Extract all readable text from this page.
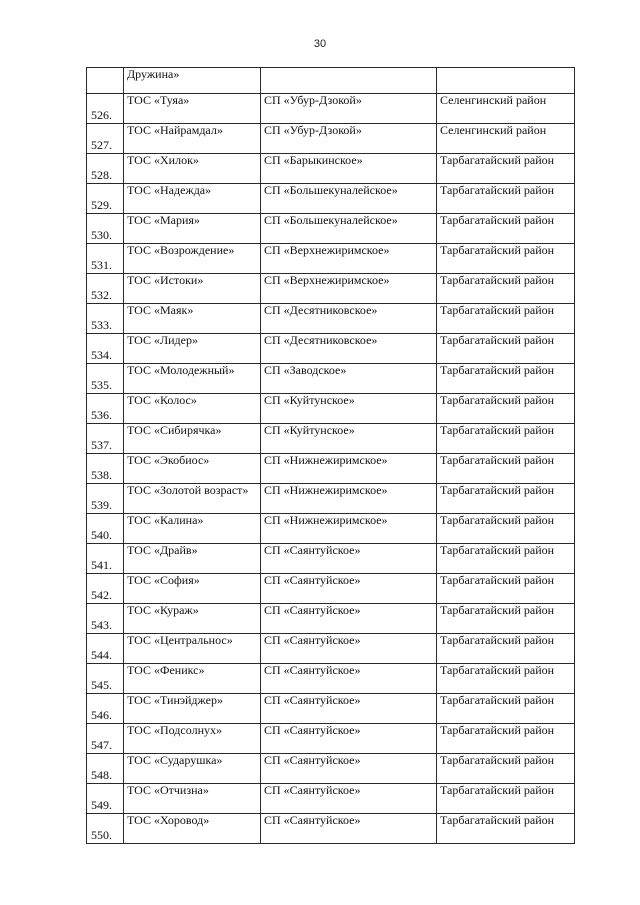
30
	Дружина»		
526.	ТОС «Туяа»	СП «Убур-Дзокой»	Селенгинский район
527.	ТОС «Найрамдал»	СП «Убур-Дзокой»	Селенгинский район
528.	ТОС «Хилок»	СП «Барыкинское»	Тарбагатайский район
529.	ТОС «Надежда»	СП «Большекуналейское»	Тарбагатайский район
530.	ТОС «Мария»	СП «Большекуналейское»	Тарбагатайский район
531.	ТОС «Возрождение»	СП «Верхнежиримское»	Тарбагатайский район
532.	ТОС «Истоки»	СП «Верхнежиримское»	Тарбагатайский район
533.	ТОС «Маяк»	СП «Десятниковское»	Тарбагатайский район
534.	ТОС «Лидер»	СП «Десятниковское»	Тарбагатайский район
535.	ТОС «Молодежный»	СП «Заводское»	Тарбагатайский район
536.	ТОС «Колос»	СП «Куйтунское»	Тарбагатайский район
537.	ТОС «Сибирячка»	СП «Куйтунское»	Тарбагатайский район
538.	ТОС «Экобиос»	СП «Нижнежиримское»	Тарбагатайский район
539.	ТОС «Золотой возраст»	СП «Нижнежиримское»	Тарбагатайский район
540.	ТОС «Калина»	СП «Нижнежиримское»	Тарбагатайский район
541.	ТОС «Драйв»	СП «Саянтуйское»	Тарбагатайский район
542.	ТОС «София»	СП «Саянтуйское»	Тарбагатайский район
543.	ТОС «Кураж»	СП «Саянтуйское»	Тарбагатайский район
544.	ТОС «Центральнос»	СП «Саянтуйское»	Тарбагатайский район
545.	ТОС «Феникс»	СП «Саянтуйское»	Тарбагатайский район
546.	ТОС «Тинэйджер»	СП «Саянтуйское»	Тарбагатайский район
547.	ТОС «Подсолнух»	СП «Саянтуйское»	Тарбагатайский район
548.	ТОС «Сударушка»	СП «Саянтуйское»	Тарбагатайский район
549.	ТОС «Отчизна»	СП «Саянтуйское»	Тарбагатайский район
550.	ТОС «Хоровод»	СП «Саянтуйское»	Тарбагатайский район
